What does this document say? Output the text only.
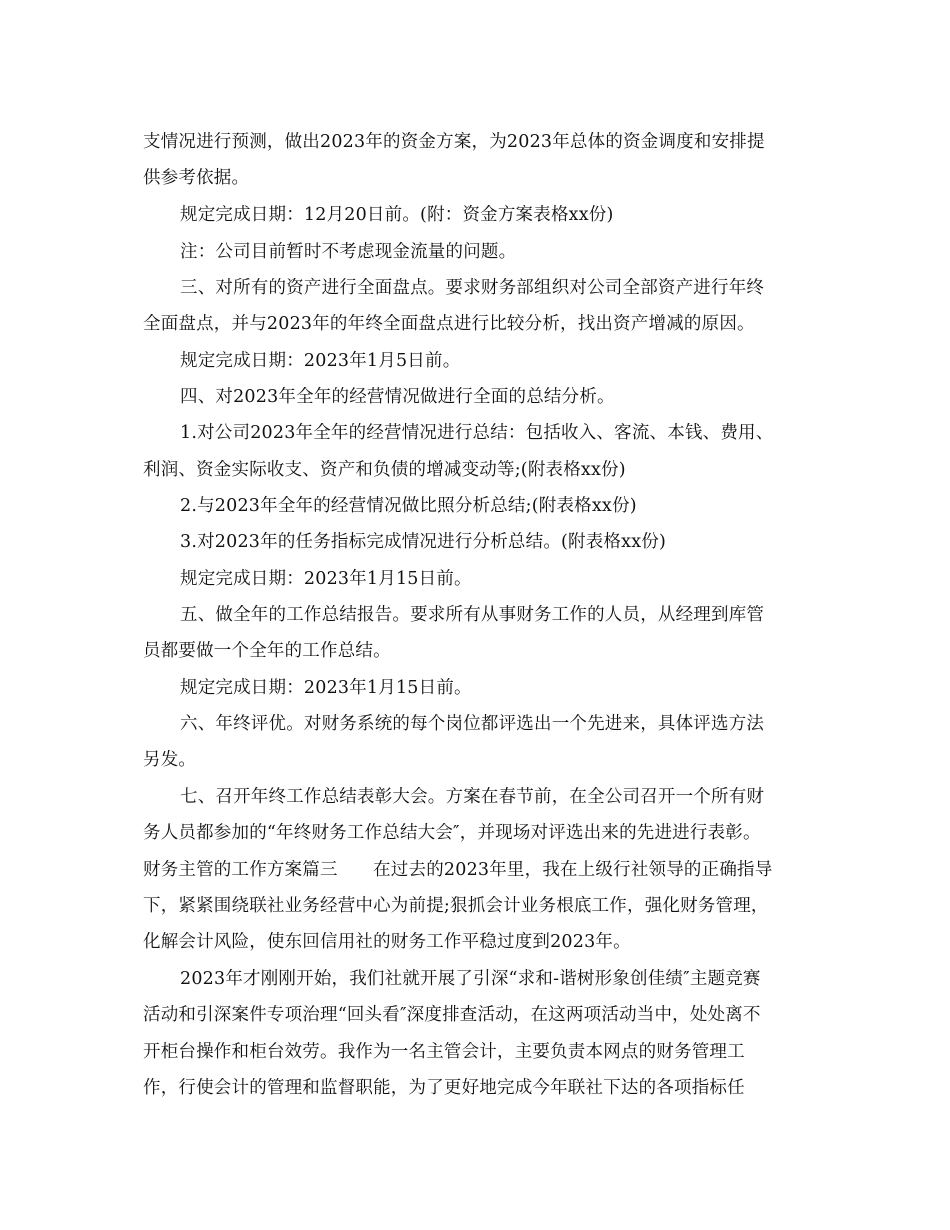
支情况进行预测，做出2023年的资金方案，为2023年总体的资金调度和安排提
供参考依据。
规定完成日期：12月20日前。(附：资金方案表格xx份)
注：公司目前暂时不考虑现金流量的问题。
三、对所有的资产进行全面盘点。要求财务部组织对公司全部资产进行年终
全面盘点，并与2023年的年终全面盘点进行比较分析，找出资产增减的原因。
规定完成日期：2023年1月5日前。
四、对2023年全年的经营情况做进行全面的总结分析。
1.对公司2023年全年的经营情况进行总结：包括收入、客流、本钱、费用、
利润、资金实际收支、资产和负债的增减变动等;(附表格xx份)
2.与2023年全年的经营情况做比照分析总结;(附表格xx份)
3.对2023年的任务指标完成情况进行分析总结。(附表格xx份)
规定完成日期：2023年1月15日前。
五、做全年的工作总结报告。要求所有从事财务工作的人员，从经理到库管
员都要做一个全年的工作总结。
规定完成日期：2023年1月15日前。
六、年终评优。对财务系统的每个岗位都评选出一个先进来，具体评选方法
另发。
七、召开年终工作总结表彰大会。方案在春节前，在全公司召开一个所有财
务人员都参加的“年终财务工作总结大会″，并现场对评选出来的先进进行表彰。
财务主管的工作方案篇三　　在过去的2023年里，我在上级行社领导的正确指导
下，紧紧围绕联社业务经营中心为前提;狠抓会计业务根底工作，强化财务管理，
化解会计风险，使东回信用社的财务工作平稳过度到2023年。
2023年才刚刚开始，我们社就开展了引深“求和-谐树形象创佳绩″主题竞赛
活动和引深案件专项治理“回头看″深度排查活动，在这两项活动当中，处处离不
开柜台操作和柜台效劳。我作为一名主管会计，主要负责本网点的财务管理工
作，行使会计的管理和监督职能，为了更好地完成今年联社下达的各项指标任
